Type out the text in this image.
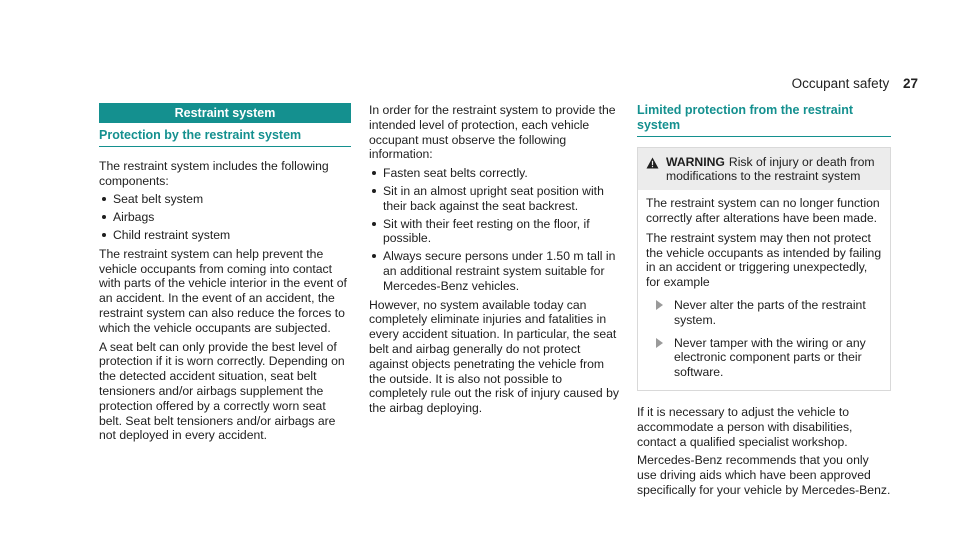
Occupant safety 27
Restraint system
Protection by the restraint system

The restraint system includes the following components:

Seat belt system
Airbags
Child restraint system

The restraint system can help prevent the vehicle occupants from coming into contact with parts of the vehicle interior in the event of an accident. In the event of an accident, the restraint system can also reduce the forces to which the vehicle occupants are subjected.

A seat belt can only provide the best level of protection if it is worn correctly. Depending on the detected accident situation, seat belt tensioners and/or airbags supplement the protection offered by a correctly worn seat belt. Seat belt tensioners and/or airbags are not deployed in every accident.

In order for the restraint system to provide the intended level of protection, each vehicle occupant must observe the following information:

Fasten seat belts correctly.
Sit in an almost upright seat position with their back against the seat backrest.
Sit with their feet resting on the floor, if possible.
Always secure persons under 1.50 m tall in an additional restraint system suitable for Mercedes-Benz vehicles.

However, no system available today can completely eliminate injuries and fatalities in every accident situation. In particular, the seat belt and airbag generally do not protect against objects penetrating the vehicle from the outside. It is also not possible to completely rule out the risk of injury caused by the airbag deploying.

Limited protection from the restraint system
WARNING Risk of injury or death from modifications to the restraint system

The restraint system can no longer function correctly after alterations have been made.

The restraint system may then not protect the vehicle occupants as intended by failing in an accident or triggering unexpectedly, for example

Never alter the parts of the restraint system.
Never tamper with the wiring or any electronic component parts or their software.

If it is necessary to adjust the vehicle to accommodate a person with disabilities, contact a qualified specialist workshop.

Mercedes-Benz recommends that you only use driving aids which have been approved specifically for your vehicle by Mercedes-Benz.
